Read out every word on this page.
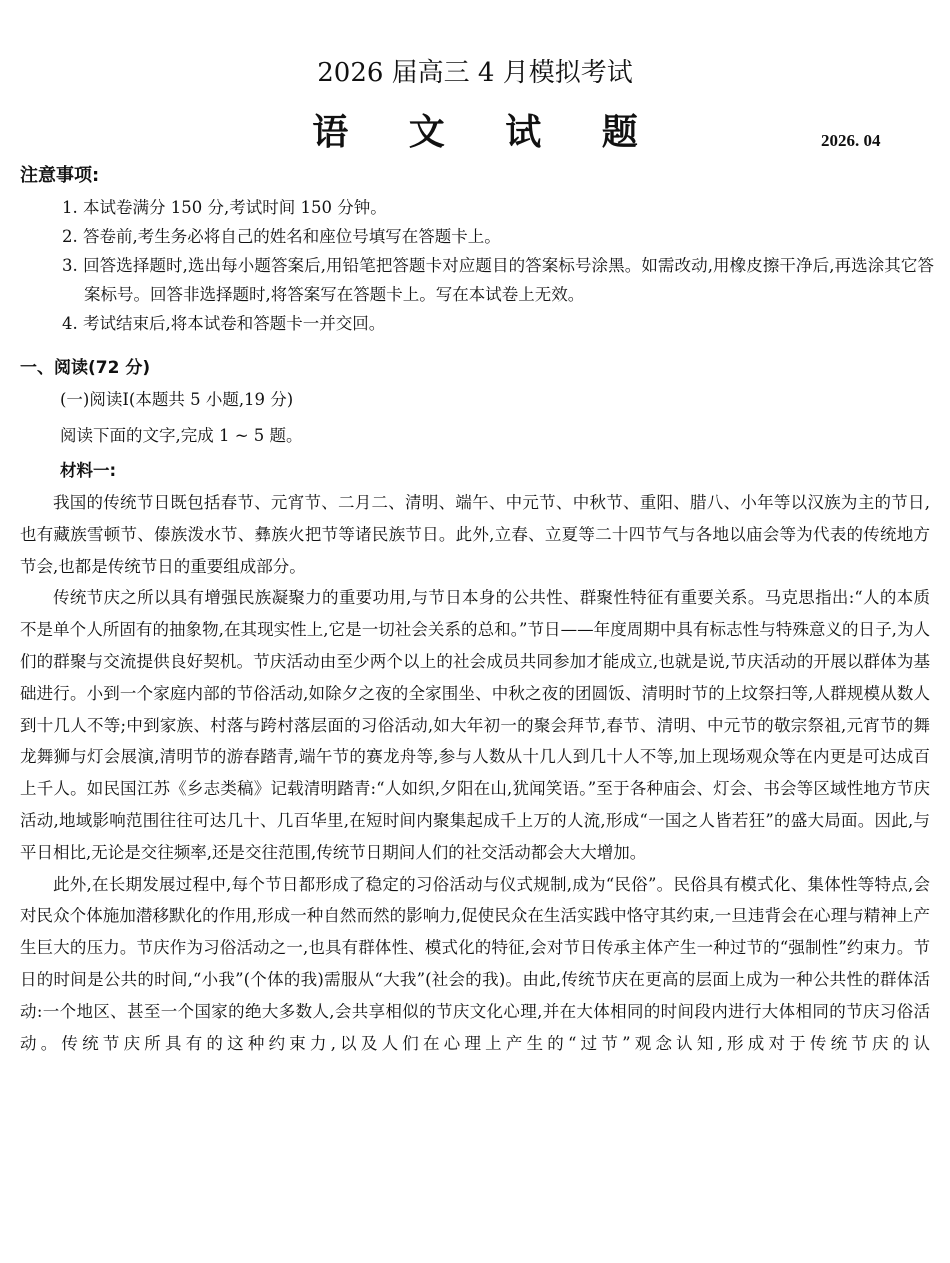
2026 届高三 4 月模拟考试
语 文 试 题	2026. 04
注意事项:
1. 本试卷满分 150 分,考试时间 150 分钟。
2. 答卷前,考生务必将自己的姓名和座位号填写在答题卡上。
3. 回答选择题时,选出每小题答案后,用铅笔把答题卡对应题目的答案标号涂黑。如需改动,用橡皮擦干净后,再选涂其它答案标号。回答非选择题时,将答案写在答题卡上。写在本试卷上无效。
4. 考试结束后,将本试卷和答题卡一并交回。
一、阅读(72 分)
(一)阅读Ⅰ(本题共 5 小题,19 分)
阅读下面的文字,完成 1 ~ 5 题。
材料一:

我国的传统节日既包括春节、元宵节、二月二、清明、端午、中元节、中秋节、重阳、腊八、小年等以汉族为主的节日,也有藏族雪顿节、傣族泼水节、彝族火把节等诸民族节日。此外,立春、立夏等二十四节气与各地以庙会等为代表的传统地方节会,也都是传统节日的重要组成部分。

传统节庆之所以具有增强民族凝聚力的重要功用,与节日本身的公共性、群聚性特征有重要关系。马克思指出:“人的本质不是单个人所固有的抽象物,在其现实性上,它是一切社会关系的总和。”节日——年度周期中具有标志性与特殊意义的日子,为人们的群聚与交流提供良好契机。节庆活动由至少两个以上的社会成员共同参加才能成立,也就是说,节庆活动的开展以群体为基础进行。小到一个家庭内部的节俗活动,如除夕之夜的全家围坐、中秋之夜的团圆饭、清明时节的上坟祭扫等,人群规模从数人到十几人不等;中到家族、村落与跨村落层面的习俗活动,如大年初一的聚会拜节,春节、清明、中元节的敬宗祭祖,元宵节的舞龙舞狮与灯会展演,清明节的游春踏青,端午节的赛龙舟等,参与人数从十几人到几十人不等,加上现场观众等在内更是可达成百上千人。如民国江苏《乡志类稿》记载清明踏青:“人如织,夕阳在山,犹闻笑语。”至于各种庙会、灯会、书会等区域性地方节庆活动,地域影响范围往往可达几十、几百华里,在短时间内聚集起成千上万的人流,形成“一国之人皆若狂”的盛大局面。因此,与平日相比,无论是交往频率,还是交往范围,传统节日期间人们的社交活动都会大大增加。

此外,在长期发展过程中,每个节日都形成了稳定的习俗活动与仪式规制,成为“民俗”。民俗具有模式化、集体性等特点,会对民众个体施加潜移默化的作用,形成一种自然而然的影响力,促使民众在生活实践中恪守其约束,一旦违背会在心理与精神上产生巨大的压力。节庆作为习俗活动之一,也具有群体性、模式化的特征,会对节日传承主体产生一种过节的“强制性”约束力。节日的时间是公共的时间,“小我”(个体的我)需服从“大我”(社会的我)。由此,传统节庆在更高的层面上成为一种公共性的群体活动:一个地区、甚至一个国家的绝大多数人,会共享相似的节庆文化心理,并在大体相同的时间段内进行大体相同的节庆习俗活动。传统节庆所具有的这种约束力,以及人们在心理上产生的“过节”观念认知,形成对于传统节庆的认
